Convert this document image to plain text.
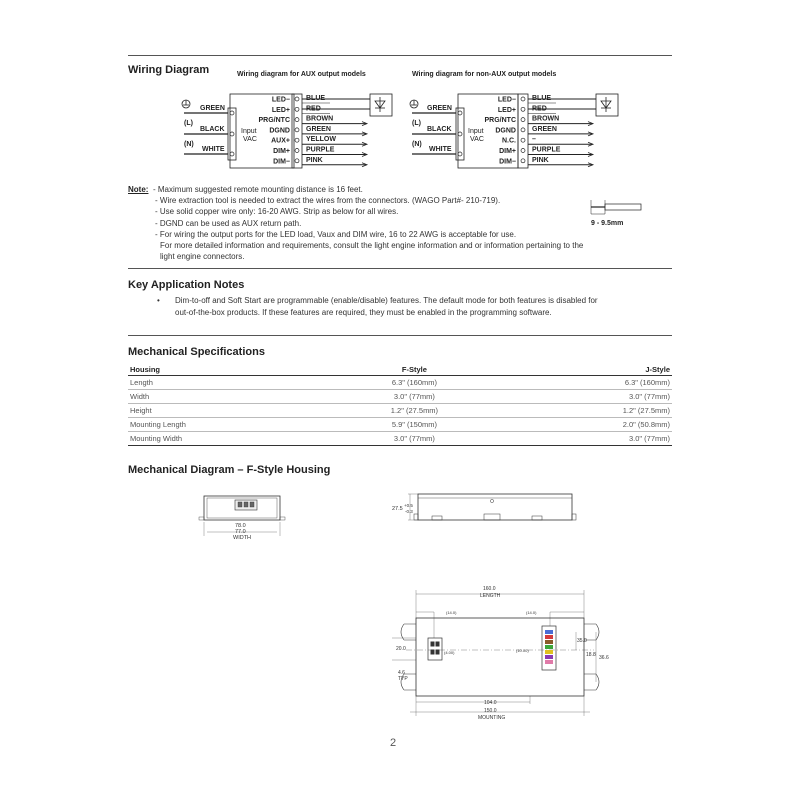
Wiring Diagram	Wiring diagram for AUX output models	Wiring diagram for non-AUX output models
GREEN
(L)
BLACK
(N)
WHITE
Input
VAC
LED− BLUE
LED+ RED
PRG/NTC BROWN
DGND GREEN
AUX+ YELLOW
DIM+ PURPLE
DIM− PINK
GREEN
(L)
BLACK
(N)
WHITE
Input
VAC
LED− BLUE
LED+ RED
PRG/NTC BROWN
DGND GREEN
N.C. –
DIM+ PURPLE
DIM− PINK
Note: - Maximum suggested remote mounting distance is 16 feet.
- Wire extraction tool is needed to extract the wires from the connectors. (WAGO Part#- 210-719).
- Use solid copper wire only: 16-20 AWG. Strip as below for all wires.
- DGND can be used as AUX return path.
- For wiring the output ports for the LED load, Vaux and DIM wire, 16 to 22 AWG is acceptable for use.
For more detailed information and requirements, consult the light engine information and or information pertaining to the
light engine connectors.
9 - 9.5mm
Key Application Notes
• Dim-to-off and Soft Start are programmable (enable/disable) features. The default mode for both features is disabled for
out-of-the-box products. If these features are required, they must be enabled in the programming software.
Mechanical Specifications
Housing	F-Style	J-Style
Length	6.3" (160mm)	6.3" (160mm)
Width	3.0" (77mm)	3.0" (77mm)
Height	1.2" (27.5mm)	1.2" (27.5mm)
Mounting Length	5.9" (150mm)	2.0" (50.8mm)
Mounting Width	3.0" (77mm)	3.0" (77mm)
Mechanical Diagram – F-Style Housing
78.0
77.0
WIDTH
27.5
+0.5
-0.3
160.0
LENGTH
(14.0)	(14.0)
(10.00)
(4.00)
20.0
4.6
TYP
35.0
18.8 36.6
104.0
150.0
MOUNTING
2
